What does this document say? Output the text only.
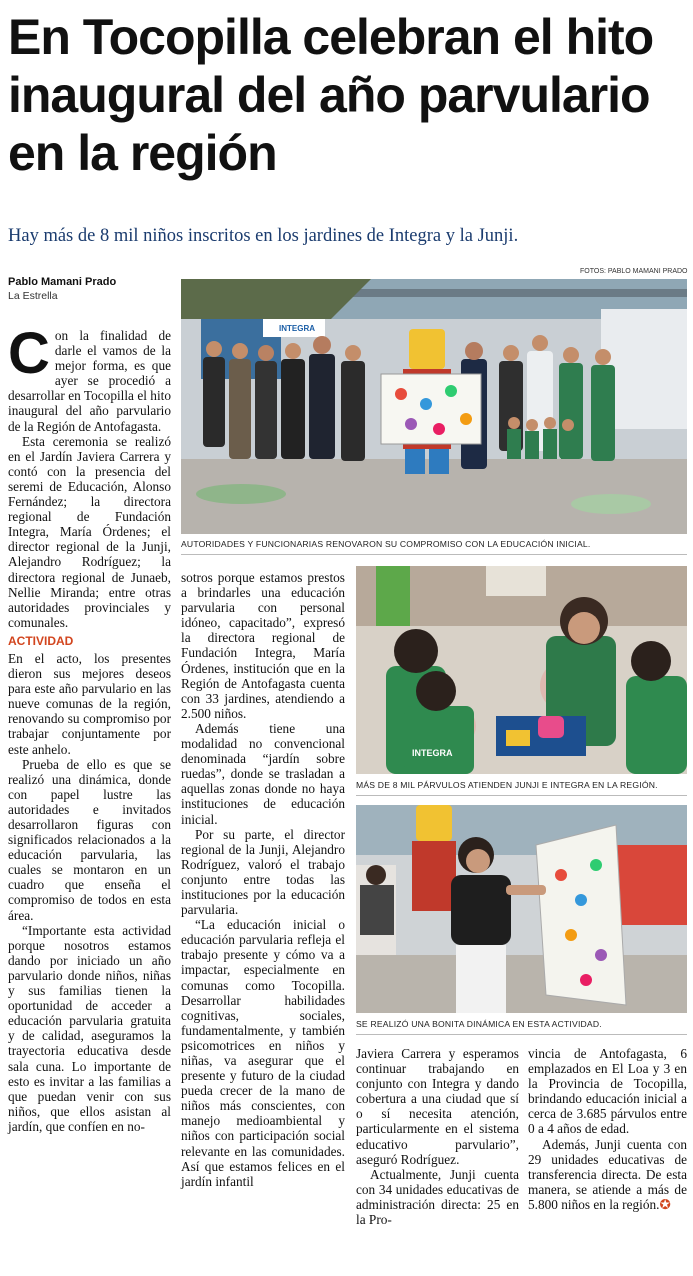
En Tocopilla celebran el hito inaugural del año parvulario en la región

Hay más de 8 mil niños inscritos en los jardines de Integra y la Junji.

Pablo Mamani Prado
La Estrella
FOTOS: PABLO MAMANI PRADO
INTEGRA
AUTORIDADES Y FUNCIONARIAS RENOVARON SU COMPROMISO CON LA EDUCACIÓN INICIAL.
INTEGRA
MÁS DE 8 MIL PÁRVULOS ATIENDEN JUNJI E INTEGRA EN LA REGIÓN.
SE REALIZÓ UNA BONITA DINÁMICA EN ESTA ACTIVIDAD.

Con la finalidad de darle el vamos de la mejor forma, es que ayer se procedió a desarrollar en Tocopilla el hito inaugural del año parvulario de la Región de Antofagasta.

Esta ceremonia se realizó en el Jardín Javiera Carrera y contó con la presencia del seremi de Educación, Alonso Fernández; la directora regional de Fundación Integra, María Órdenes; el director regional de la Junji, Alejandro Rodríguez; la directora regional de Junaeb, Nellie Miranda; entre otras autoridades provinciales y comunales.

ACTIVIDAD

En el acto, los presentes dieron sus mejores deseos para este año parvulario en las nueve comunas de la región, renovando su compromiso por trabajar conjuntamente por este anhelo.

Prueba de ello es que se realizó una dinámica, donde con papel lustre las autoridades e invitados desarrollaron figuras con significados relacionados a la educación parvularia, las cuales se montaron en un cuadro que enseña el compromiso de todos en esta área.

“Importante esta actividad porque nosotros estamos dando por iniciado un año parvulario donde niños, niñas y sus familias tienen la oportunidad de acceder a educación parvularia gratuita y de calidad, aseguramos la trayectoria educativa desde sala cuna. Lo importante de esto es invitar a las familias a que puedan venir con sus niños, que ellos asistan al jardín, que confíen en no-

sotros porque estamos prestos a brindarles una educación parvularia con personal idóneo, capacitado”, expresó la directora regional de Fundación Integra, María Órdenes, institución que en la Región de Antofagasta cuenta con 33 jardines, atendiendo a 2.500 niños.

Además tiene una modalidad no convencional denominada “jardín sobre ruedas”, donde se trasladan a aquellas zonas donde no haya instituciones de educación inicial.

Por su parte, el director regional de la Junji, Alejandro Rodríguez, valoró el trabajo conjunto entre todas las instituciones por la educación parvularia.

“La educación inicial o educación parvularia refleja el trabajo presente y cómo va a impactar, especialmente en comunas como Tocopilla. Desarrollar habilidades cognitivas, sociales, fundamentalmente, y también psicomotrices en niños y niñas, va asegurar que el presente y futuro de la ciudad pueda crecer de la mano de niños más conscientes, con manejo medioambiental y niños con participación social relevante en las comunidades. Así que estamos felices en el jardín infantil

Javiera Carrera y esperamos continuar trabajando en conjunto con Integra y dando cobertura a una ciudad que sí o sí necesita atención, particularmente en el sistema educativo parvulario”, aseguró Rodríguez.

Actualmente, Junji cuenta con 34 unidades educativas de administración directa: 25 en la Pro-

vincia de Antofagasta, 6 emplazados en El Loa y 3 en la Provincia de Tocopilla, brindando educación inicial a cerca de 3.685 párvulos entre 0 a 4 años de edad.

Además, Junji cuenta con 29 unidades educativas de transferencia directa. De esta manera, se atiende a más de 5.800 niños en la región.✪
